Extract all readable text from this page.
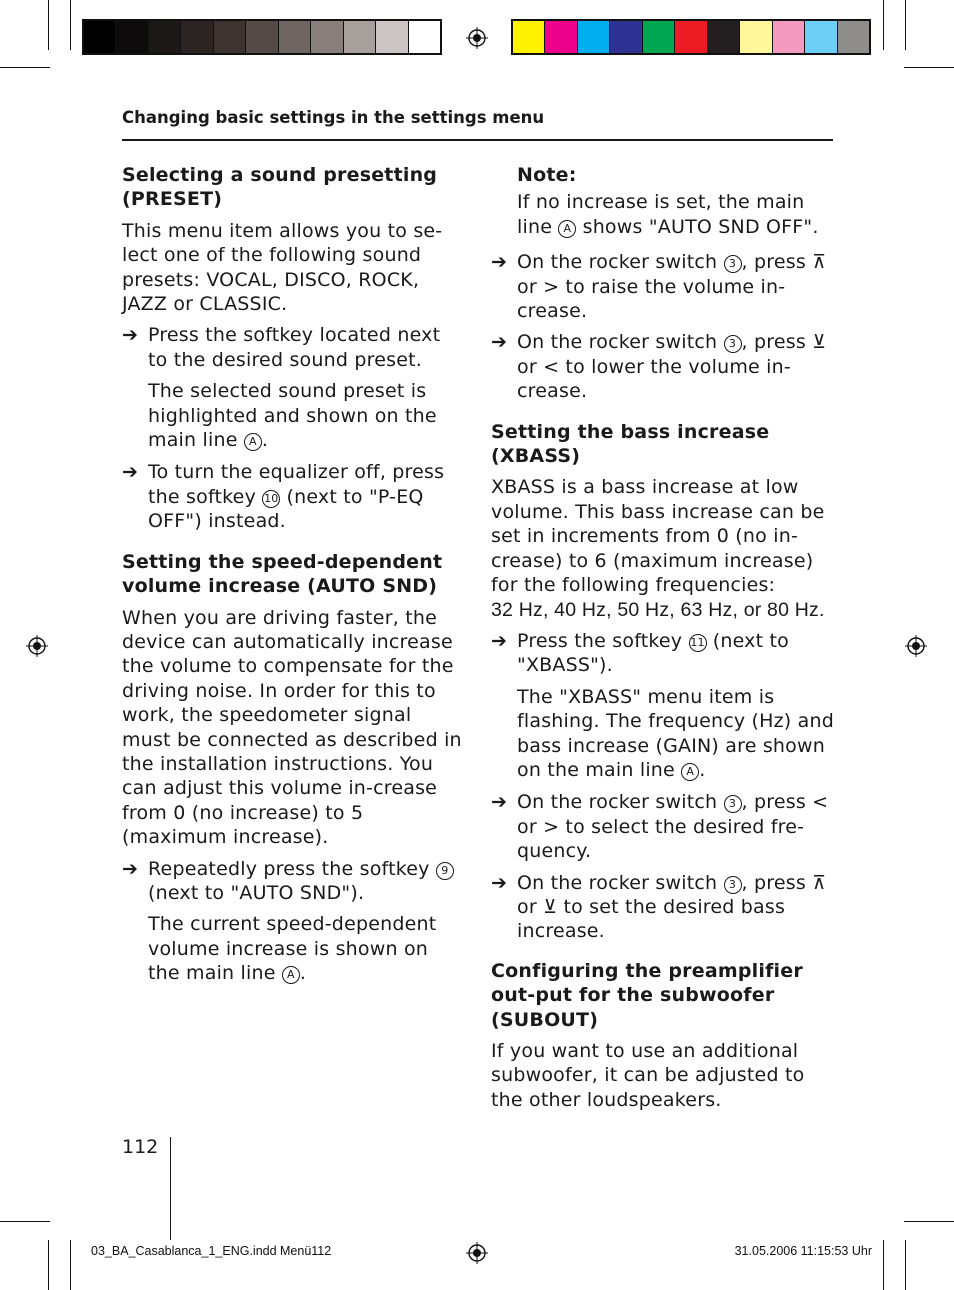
Changing basic settings in the settings menu

Selecting a sound presetting (PRESET)

This menu item allows you to se-lect one of the following sound presets: VOCAL, DISCO, ROCK, JAZZ or CLASSIC.

➔ Press the softkey located next to the desired sound preset.
The selected sound preset is highlighted and shown on the main line A .
➔ To turn the equalizer off, press the softkey 10 (next to "P-EQ OFF") instead.

Setting the speed-dependent volume increase (AUTO SND)

When you are driving faster, the device can automatically increase the volume to compensate for the driving noise. In order for this to work, the speedometer signal must be connected as described in the installation instructions. You can adjust this volume in-crease from 0 (no increase) to 5 (maximum increase).

➔ Repeatedly press the softkey 9 (next to "AUTO SND").
The current speed-dependent volume increase is shown on the main line A .

Note:

If no increase is set, the main line A shows "AUTO SND OFF".

➔ On the rocker switch 3 , press ⊼ or > to raise the volume in-crease.
➔ On the rocker switch 3 , press ⊻ or < to lower the volume in-crease.

Setting the bass increase (XBASS)

XBASS is a bass increase at low volume. This bass increase can be set in increments from 0 (no in-crease) to 6 (maximum increase) for the following frequencies:

32 Hz, 40 Hz, 50 Hz, 63 Hz, or 80 Hz.

➔ Press the softkey 11 (next to "XBASS").
The "XBASS" menu item is flashing. The frequency (Hz) and bass increase (GAIN) are shown on the main line A .
➔ On the rocker switch 3 , press < or > to select the desired fre-quency.
➔ On the rocker switch 3 , press ⊼ or ⊻ to set the desired bass increase.

Configuring the preamplifier out-put for the subwoofer (SUBOUT)

If you want to use an additional subwoofer, it can be adjusted to the other loudspeakers.

112
03_BA_Casablanca_1_ENG.indd Menü112	31.05.2006 11:15:53 Uhr
